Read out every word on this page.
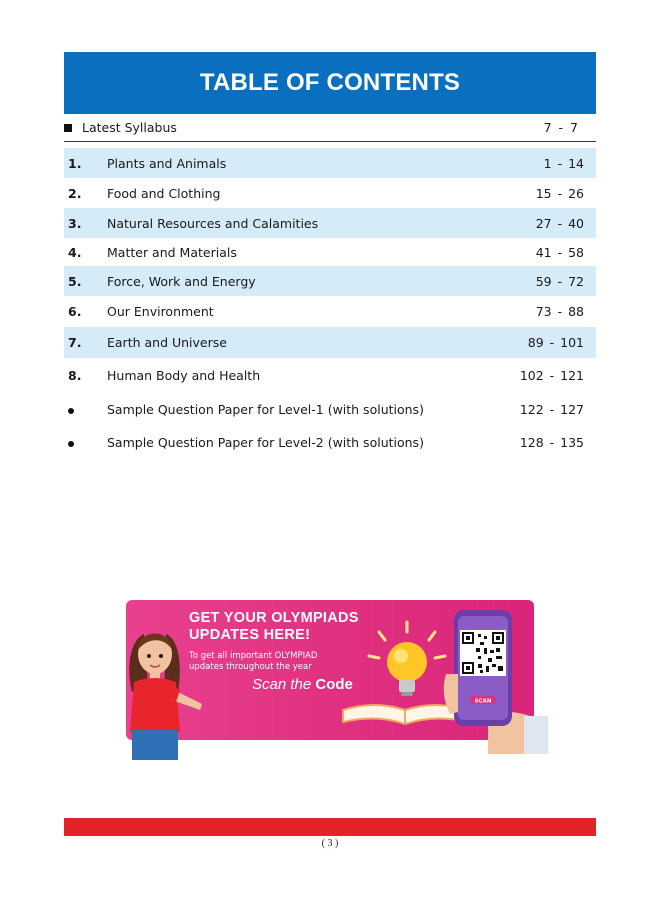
TABLE OF CONTENTS
Latest Syllabus	7 - 7
1.	Plants and Animals	1 - 14
2.	Food and Clothing	15 - 26
3.	Natural Resources and Calamities	27 - 40
4.	Matter and Materials	41 - 58
5.	Force, Work and Energy	59 - 72
6.	Our Environment	73 - 88
7.	Earth and Universe	89 - 101
8.	Human Body and Health	102 - 121
Sample Question Paper for Level-1 (with solutions)	122 - 127
Sample Question Paper for Level-2 (with solutions)	128 - 135
GET YOUR OLYMPIADS
UPDATES HERE!
To get all important OLYMPIAD
updates throughout the year
Scan the Code
SCAN
( 3 )
